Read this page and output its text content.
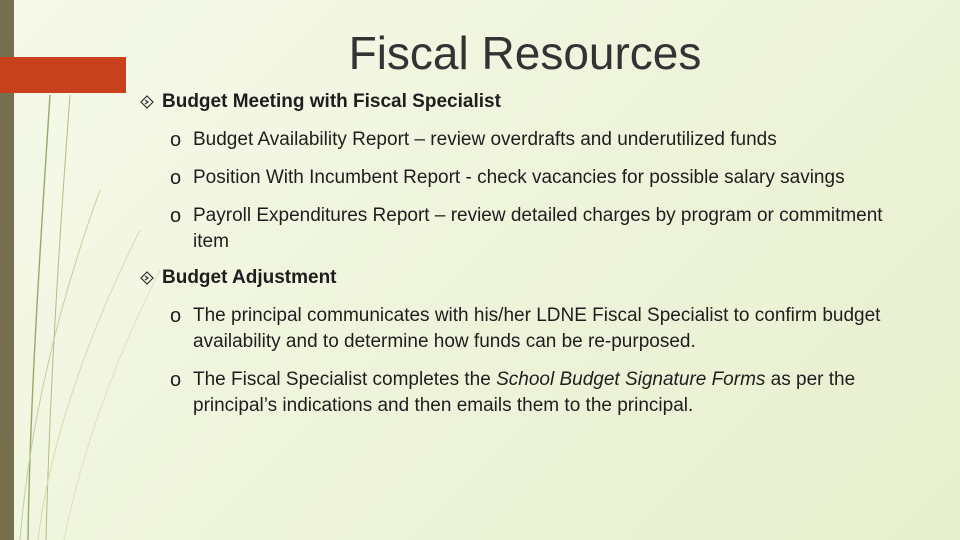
Fiscal Resources
Budget Meeting with Fiscal Specialist
o Budget Availability Report – review overdrafts and underutilized funds
o Position With Incumbent Report - check vacancies for possible salary savings
o Payroll Expenditures Report – review detailed charges by program or commitment item
Budget Adjustment
o The principal communicates with his/her LDNE Fiscal Specialist to confirm budget availability and to determine how funds can be re-purposed.
o The Fiscal Specialist completes the School Budget Signature Forms as per the principal’s indications and then emails them to the principal.
